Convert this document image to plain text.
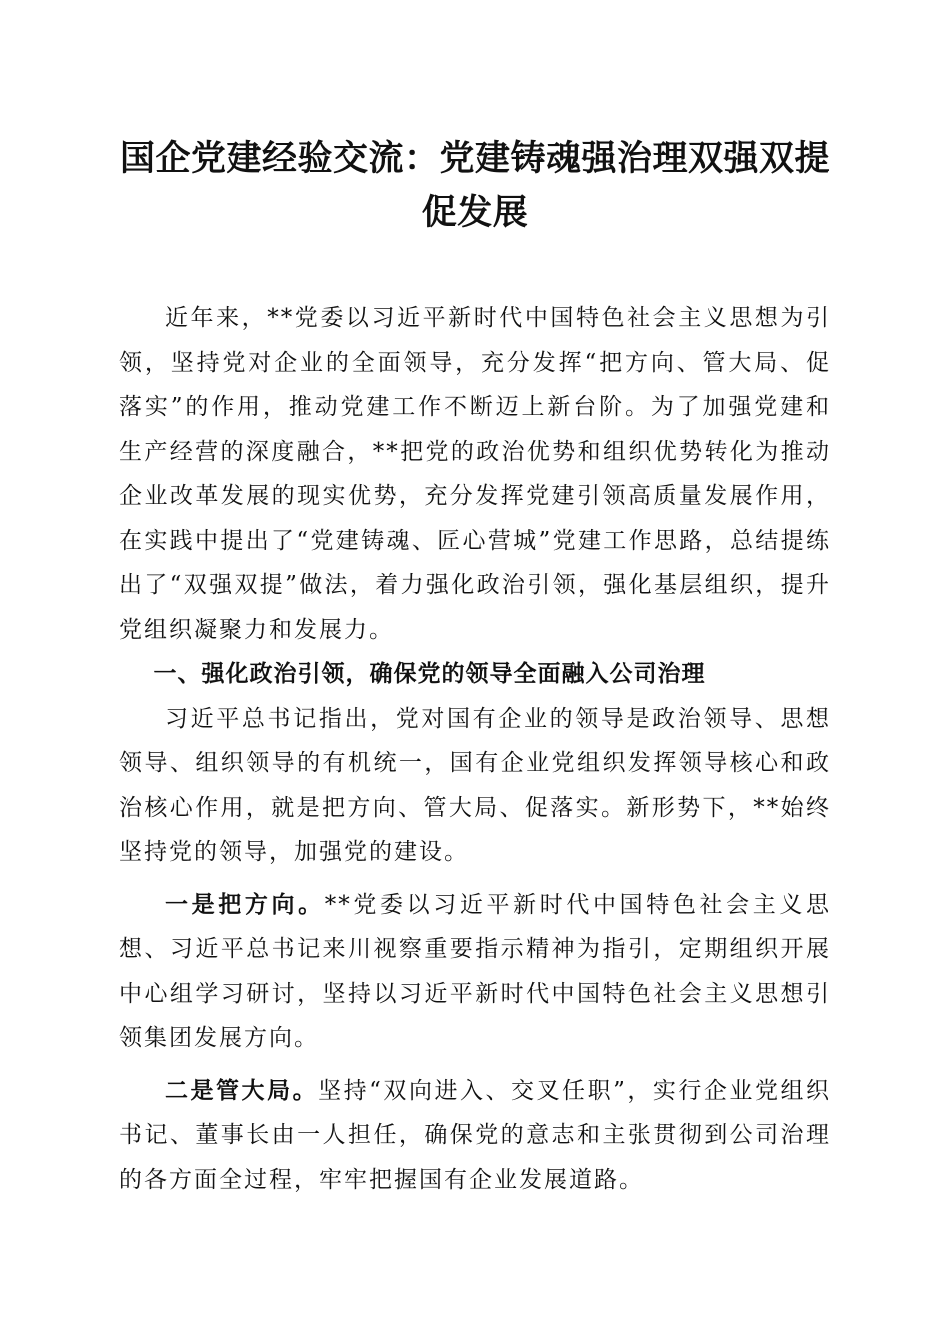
国企党建经验交流：党建铸魂强治理双强双提促发展

近年来，**党委以习近平新时代中国特色社会主义思想为引领，坚持党对企业的全面领导，充分发挥“把方向、管大局、促落实”的作用，推动党建工作不断迈上新台阶。为了加强党建和生产经营的深度融合，**把党的政治优势和组织优势转化为推动企业改革发展的现实优势，充分发挥党建引领高质量发展作用，在实践中提出了“党建铸魂、匠心营城”党建工作思路，总结提练出了“双强双提”做法，着力强化政治引领，强化基层组织，提升党组织凝聚力和发展力。

一、强化政治引领，确保党的领导全面融入公司治理

习近平总书记指出，党对国有企业的领导是政治领导、思想领导、组织领导的有机统一，国有企业党组织发挥领导核心和政治核心作用，就是把方向、管大局、促落实。新形势下，**始终坚持党的领导，加强党的建设。

一是把方向。**党委以习近平新时代中国特色社会主义思想、习近平总书记来川视察重要指示精神为指引，定期组织开展中心组学习研讨，坚持以习近平新时代中国特色社会主义思想引领集团发展方向。

二是管大局。坚持“双向进入、交叉任职”，实行企业党组织书记、董事长由一人担任，确保党的意志和主张贯彻到公司治理的各方面全过程，牢牢把握国有企业发展道路。
